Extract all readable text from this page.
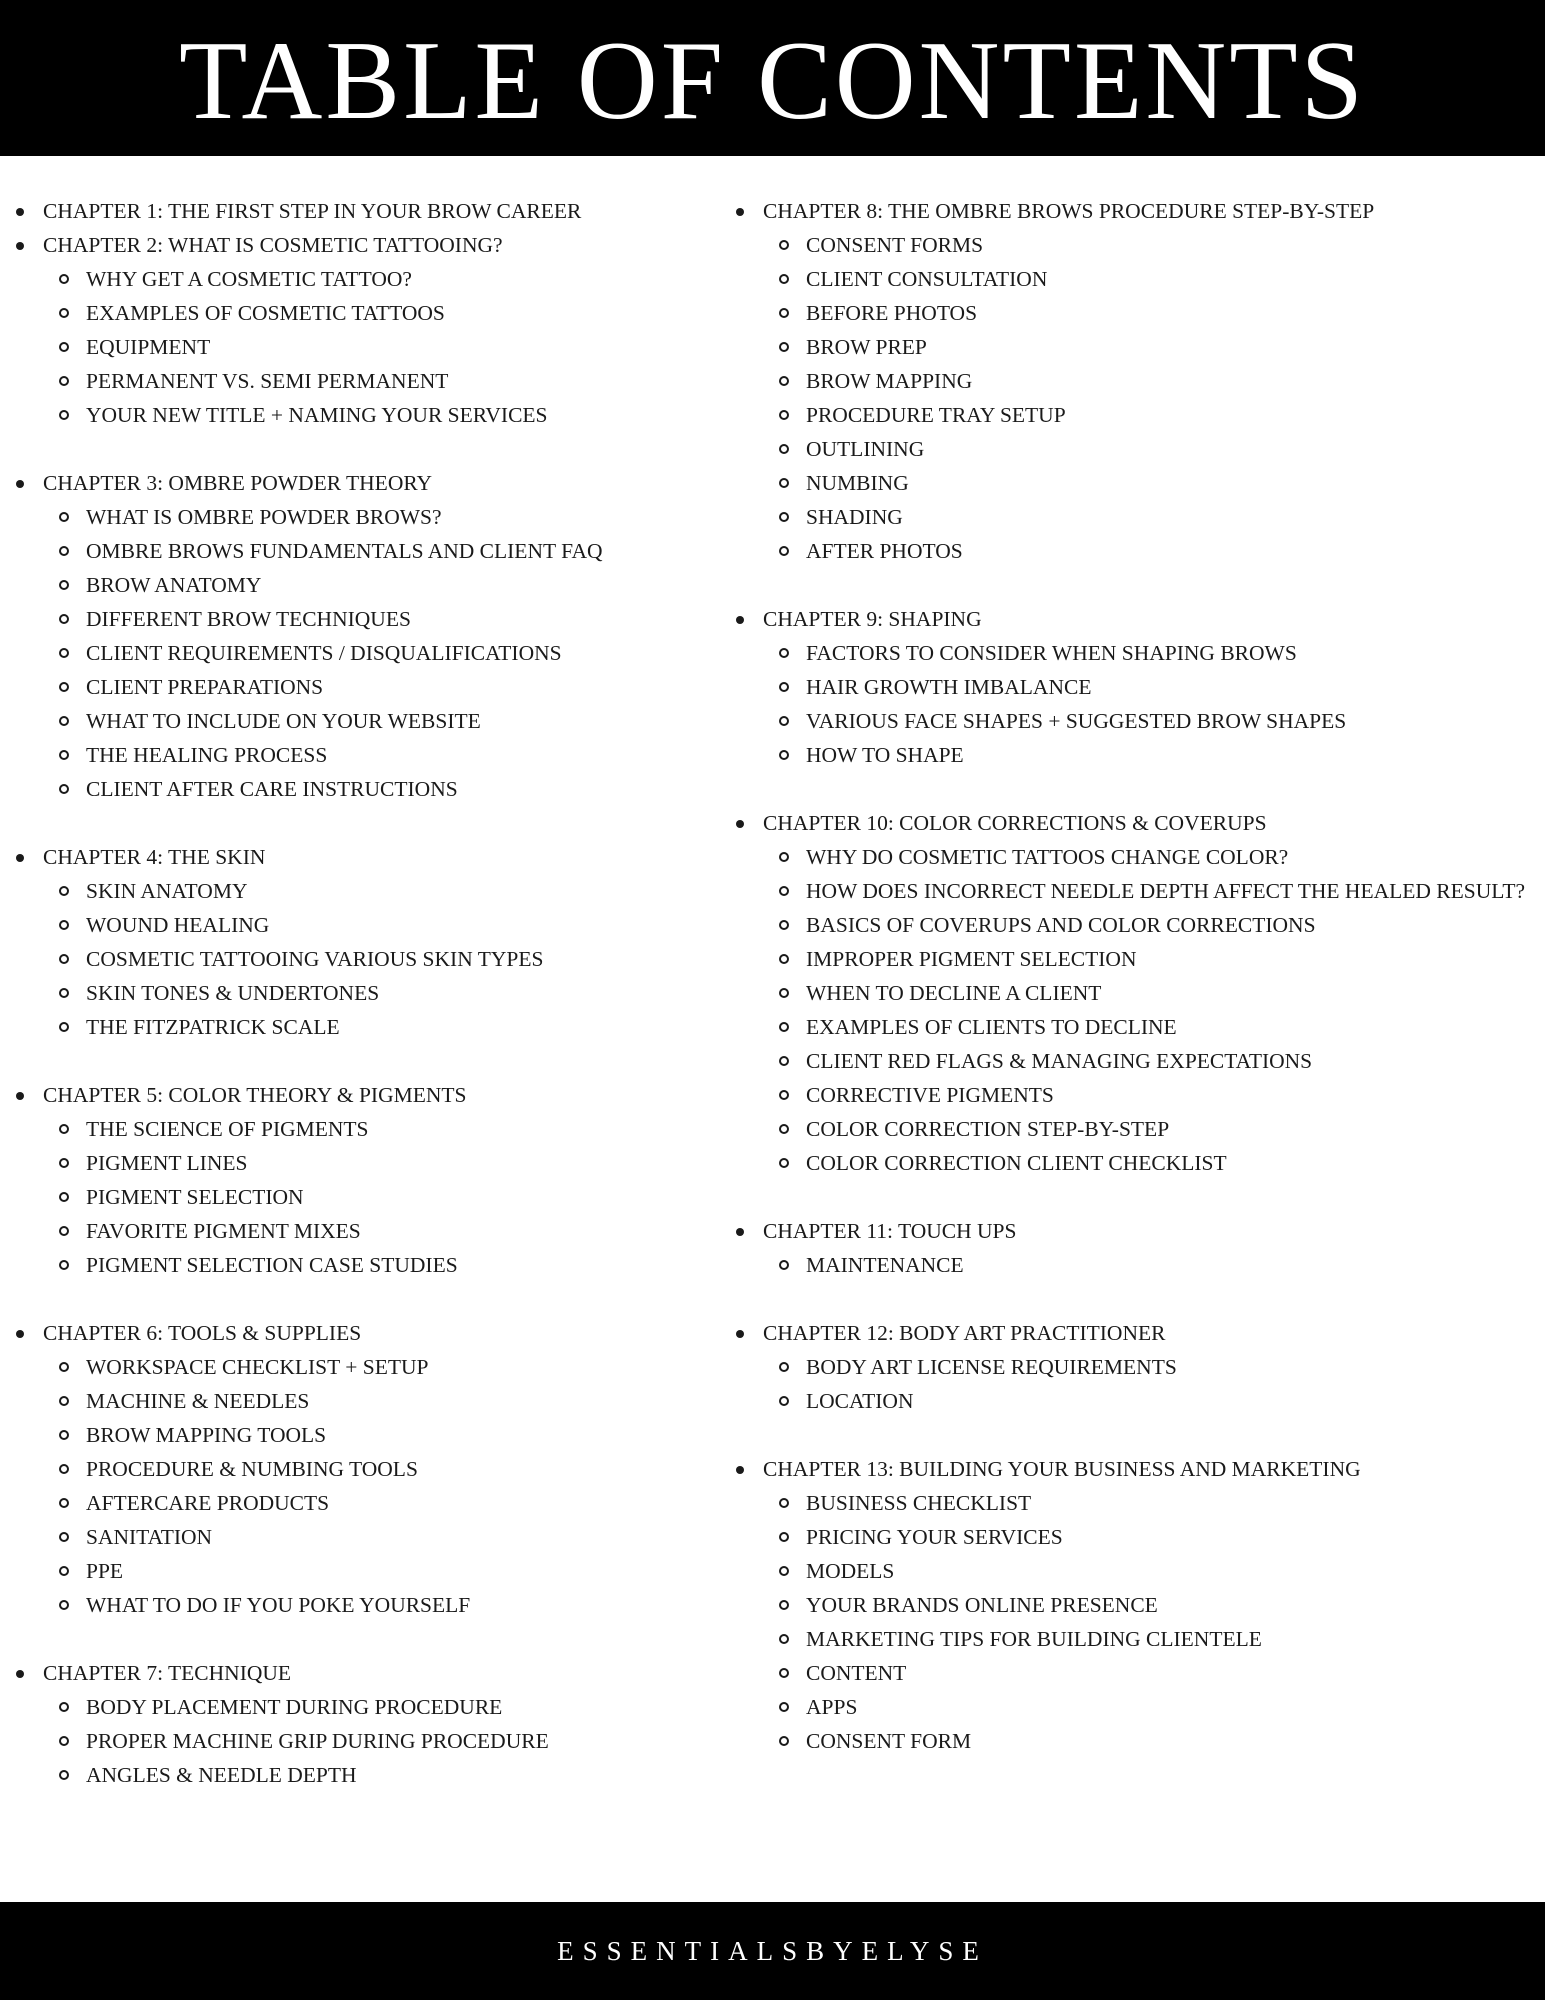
TABLE OF CONTENTS
CHAPTER 1: THE FIRST STEP IN YOUR BROW CAREER
CHAPTER 2: WHAT IS COSMETIC TATTOOING?
WHY GET A COSMETIC TATTOO?
EXAMPLES OF COSMETIC TATTOOS
EQUIPMENT
PERMANENT VS. SEMI PERMANENT
YOUR NEW TITLE + NAMING YOUR SERVICES
CHAPTER 3: OMBRE POWDER THEORY
WHAT IS OMBRE POWDER BROWS?
OMBRE BROWS FUNDAMENTALS AND CLIENT FAQ
BROW ANATOMY
DIFFERENT BROW TECHNIQUES
CLIENT REQUIREMENTS / DISQUALIFICATIONS
CLIENT PREPARATIONS
WHAT TO INCLUDE ON YOUR WEBSITE
THE HEALING PROCESS
CLIENT AFTER CARE INSTRUCTIONS
CHAPTER 4: THE SKIN
SKIN ANATOMY
WOUND HEALING
COSMETIC TATTOOING VARIOUS SKIN TYPES
SKIN TONES & UNDERTONES
THE FITZPATRICK SCALE
CHAPTER 5: COLOR THEORY & PIGMENTS
THE SCIENCE OF PIGMENTS
PIGMENT LINES
PIGMENT SELECTION
FAVORITE PIGMENT MIXES
PIGMENT SELECTION CASE STUDIES
CHAPTER 6: TOOLS & SUPPLIES
WORKSPACE CHECKLIST + SETUP
MACHINE & NEEDLES
BROW MAPPING TOOLS
PROCEDURE & NUMBING TOOLS
AFTERCARE PRODUCTS
SANITATION
PPE
WHAT TO DO IF YOU POKE YOURSELF
CHAPTER 7: TECHNIQUE
BODY PLACEMENT DURING PROCEDURE
PROPER MACHINE GRIP DURING PROCEDURE
ANGLES & NEEDLE DEPTH
CHAPTER 8: THE OMBRE BROWS PROCEDURE STEP-BY-STEP
CONSENT FORMS
CLIENT CONSULTATION
BEFORE PHOTOS
BROW PREP
BROW MAPPING
PROCEDURE TRAY SETUP
OUTLINING
NUMBING
SHADING
AFTER PHOTOS
CHAPTER 9: SHAPING
FACTORS TO CONSIDER WHEN SHAPING BROWS
HAIR GROWTH IMBALANCE
VARIOUS FACE SHAPES + SUGGESTED BROW SHAPES
HOW TO SHAPE
CHAPTER 10: COLOR CORRECTIONS & COVERUPS
WHY DO COSMETIC TATTOOS CHANGE COLOR?
HOW DOES INCORRECT NEEDLE DEPTH AFFECT THE HEALED RESULT?
BASICS OF COVERUPS AND COLOR CORRECTIONS
IMPROPER PIGMENT SELECTION
WHEN TO DECLINE A CLIENT
EXAMPLES OF CLIENTS TO DECLINE
CLIENT RED FLAGS & MANAGING EXPECTATIONS
CORRECTIVE PIGMENTS
COLOR CORRECTION STEP-BY-STEP
COLOR CORRECTION CLIENT CHECKLIST
CHAPTER 11: TOUCH UPS
MAINTENANCE
CHAPTER 12: BODY ART PRACTITIONER
BODY ART LICENSE REQUIREMENTS
LOCATION
CHAPTER 13: BUILDING YOUR BUSINESS AND MARKETING
BUSINESS CHECKLIST
PRICING YOUR SERVICES
MODELS
YOUR BRANDS ONLINE PRESENCE
MARKETING TIPS FOR BUILDING CLIENTELE
CONTENT
APPS
CONSENT FORM
ESSENTIALSBYELYSE
